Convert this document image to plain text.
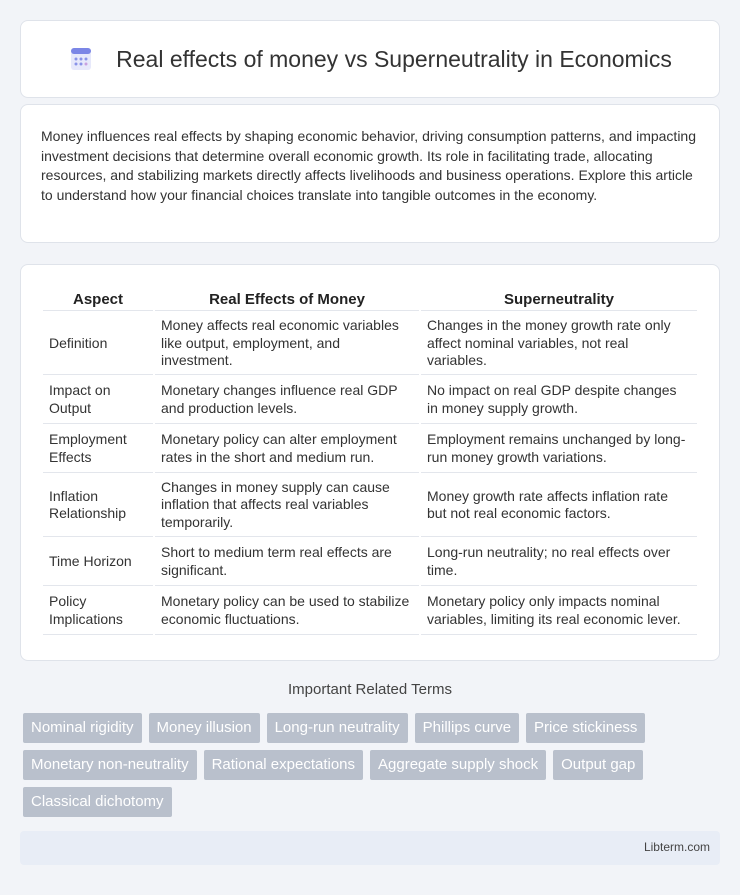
Real effects of money vs Superneutrality in Economics

Money influences real effects by shaping economic behavior, driving consumption patterns, and impacting investment decisions that determine overall economic growth. Its role in facilitating trade, allocating resources, and stabilizing markets directly affects livelihoods and business operations. Explore this article to understand how your financial choices translate into tangible outcomes in the economy.

Aspect	Real Effects of Money	Superneutrality
Definition	Money affects real economic variables like output, employment, and investment.	Changes in the money growth rate only affect nominal variables, not real variables.
Impact on Output	Monetary changes influence real GDP and production levels.	No impact on real GDP despite changes in money supply growth.
Employment Effects	Monetary policy can alter employment rates in the short and medium run.	Employment remains unchanged by long-run money growth variations.
Inflation Relationship	Changes in money supply can cause inflation that affects real variables temporarily.	Money growth rate affects inflation rate but not real economic factors.
Time Horizon	Short to medium term real effects are significant.	Long-run neutrality; no real effects over time.
Policy Implications	Monetary policy can be used to stabilize economic fluctuations.	Monetary policy only impacts nominal variables, limiting its real economic lever.
Important Related Terms
Nominal rigidity	Money illusion	Long-run neutrality	Phillips curve	Price stickiness
Monetary non-neutrality	Rational expectations	Aggregate supply shock	Output gap
Classical dichotomy
Libterm.com
